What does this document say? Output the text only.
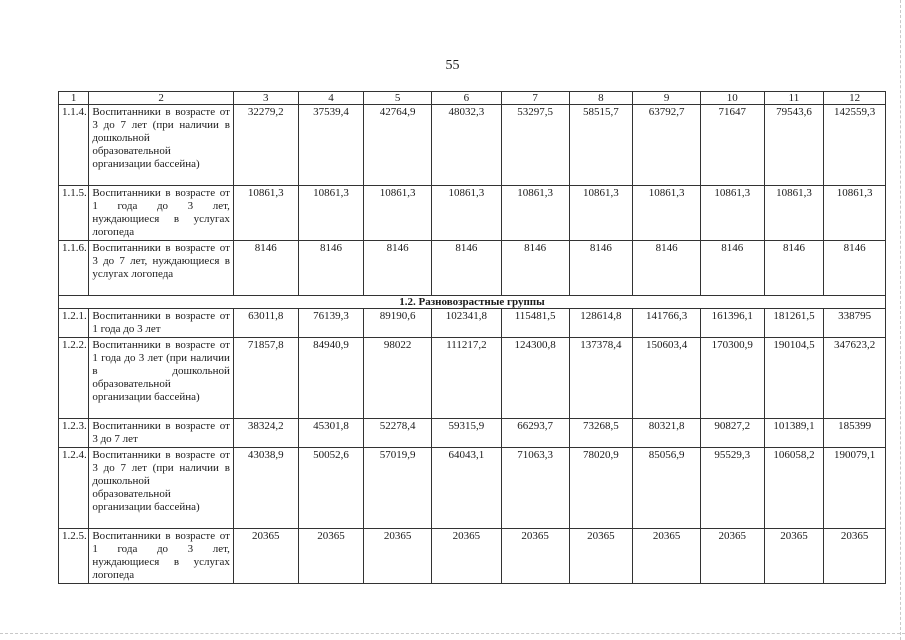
55
1	2	3	4	5	6	7	8	9	10	11	12
1.1.4.	Воспитанники в возрасте от 3 до 7 лет (при наличии в дошкольной образовательной организации бассейна)	32279,2	37539,4	42764,9	48032,3	53297,5	58515,7	63792,7	71647	79543,6	142559,3
1.1.5.	Воспитанники в возрасте от 1 года до 3 лет, нуждающиеся в услугах логопеда	10861,3	10861,3	10861,3	10861,3	10861,3	10861,3	10861,3	10861,3	10861,3	10861,3
1.1.6.	Воспитанники в возрасте от 3 до 7 лет, нуждающиеся в услугах логопеда	8146	8146	8146	8146	8146	8146	8146	8146	8146	8146
1.2. Разновозрастные группы											
1.2.1.	Воспитанники в возрасте от 1 года до 3 лет	63011,8	76139,3	89190,6	102341,8	115481,5	128614,8	141766,3	161396,1	181261,5	338795
1.2.2.	Воспитанники в возрасте от 1 года до 3 лет (при наличии в дошкольной образовательной организации бассейна)	71857,8	84940,9	98022	111217,2	124300,8	137378,4	150603,4	170300,9	190104,5	347623,2
1.2.3.	Воспитанники в возрасте от 3 до 7 лет	38324,2	45301,8	52278,4	59315,9	66293,7	73268,5	80321,8	90827,2	101389,1	185399
1.2.4.	Воспитанники в возрасте от 3 до 7 лет (при наличии в дошкольной образовательной организации бассейна)	43038,9	50052,6	57019,9	64043,1	71063,3	78020,9	85056,9	95529,3	106058,2	190079,1
1.2.5.	Воспитанники в возрасте от 1 года до 3 лет, нуждающиеся в услугах логопеда	20365	20365	20365	20365	20365	20365	20365	20365	20365	20365
